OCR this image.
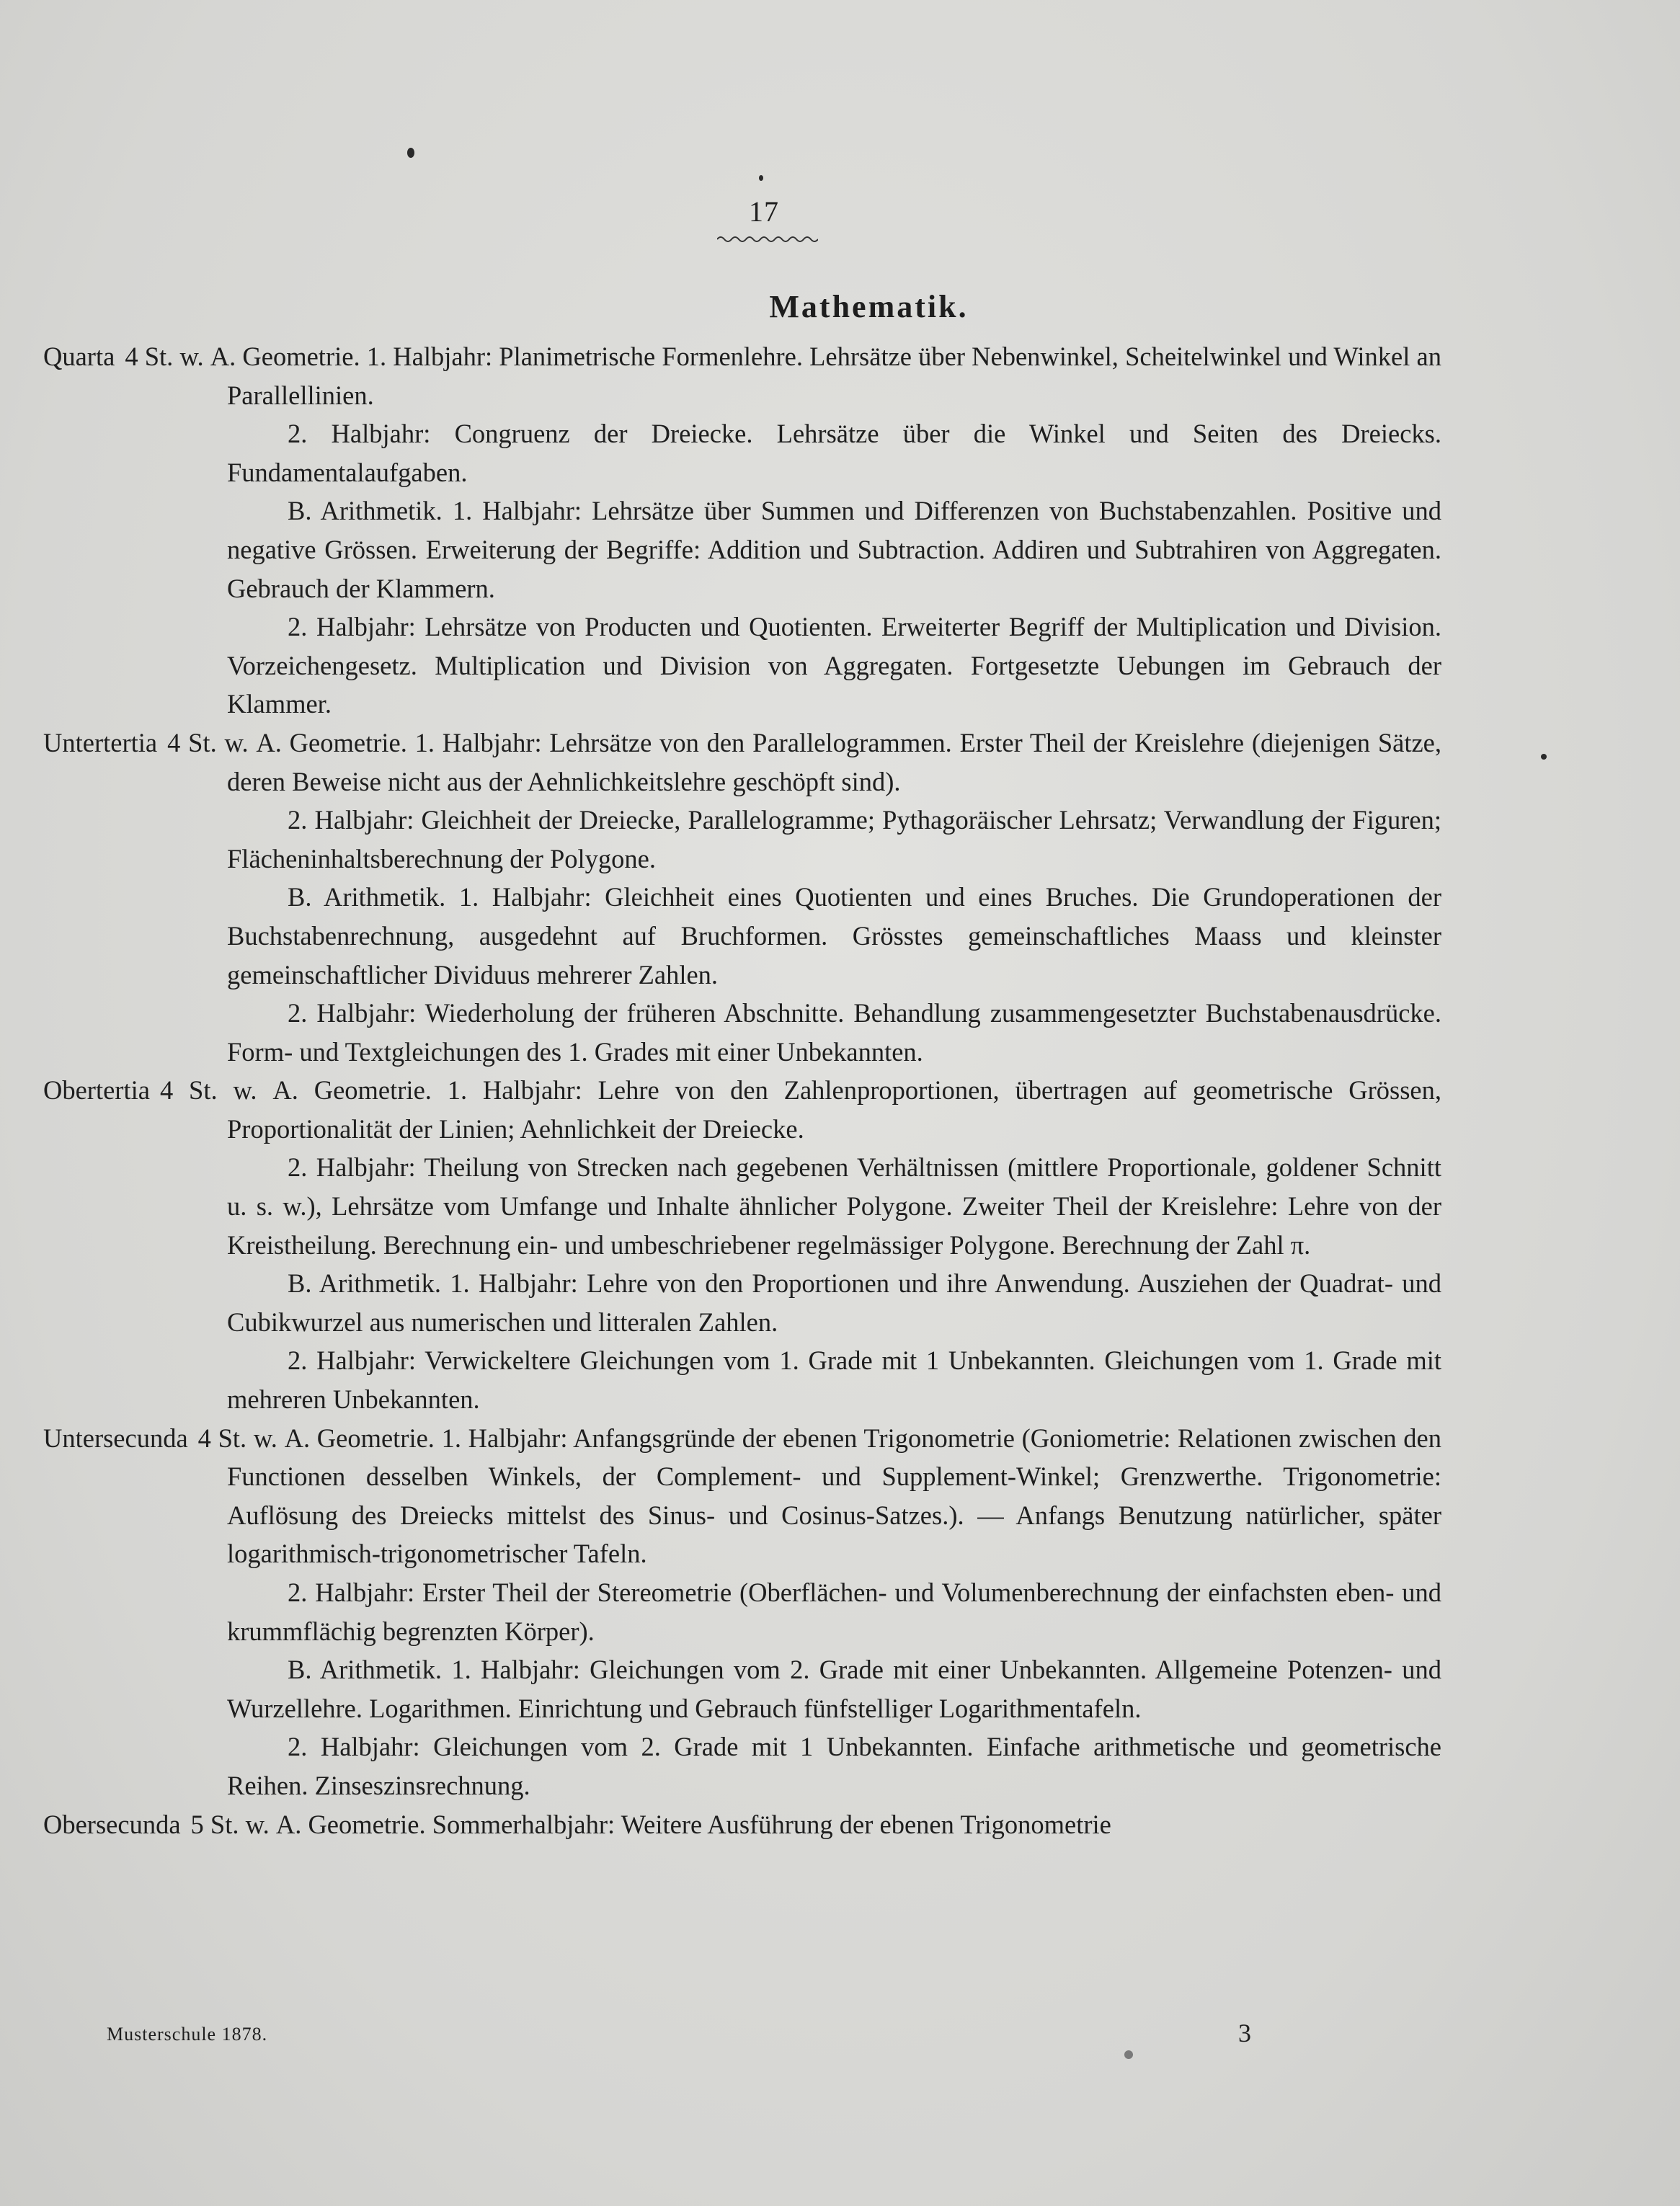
17
Mathematik.

Quarta 4 St. w. A. Geometrie. 1. Halbjahr: Planimetrische Formenlehre. Lehrsätze über Nebenwinkel, Scheitelwinkel und Winkel an Parallellinien.

2. Halbjahr: Congruenz der Dreiecke. Lehrsätze über die Winkel und Seiten des Dreiecks. Fundamentalaufgaben.

B. Arithmetik. 1. Halbjahr: Lehrsätze über Summen und Differenzen von Buchstabenzahlen. Positive und negative Grössen. Erweiterung der Begriffe: Addition und Subtraction. Addiren und Subtrahiren von Aggregaten. Gebrauch der Klammern.

2. Halbjahr: Lehrsätze von Producten und Quotienten. Erweiterter Begriff der Multiplication und Division. Vorzeichengesetz. Multiplication und Division von Aggregaten. Fortgesetzte Uebungen im Gebrauch der Klammer.

Untertertia 4 St. w. A. Geometrie. 1. Halbjahr: Lehrsätze von den Parallelogrammen. Erster Theil der Kreislehre (diejenigen Sätze, deren Beweise nicht aus der Aehnlichkeitslehre geschöpft sind).

2. Halbjahr: Gleichheit der Dreiecke, Parallelogramme; Pythagoräischer Lehrsatz; Verwandlung der Figuren; Flächeninhaltsberechnung der Polygone.

B. Arithmetik. 1. Halbjahr: Gleichheit eines Quotienten und eines Bruches. Die Grundoperationen der Buchstabenrechnung, ausgedehnt auf Bruchformen. Grösstes gemeinschaftliches Maass und kleinster gemeinschaftlicher Dividuus mehrerer Zahlen.

2. Halbjahr: Wiederholung der früheren Abschnitte. Behandlung zusammengesetzter Buchstabenausdrücke. Form- und Textgleichungen des 1. Grades mit einer Unbekannten.

Obertertia 4 St. w. A. Geometrie. 1. Halbjahr: Lehre von den Zahlenproportionen, übertragen auf geometrische Grössen, Proportionalität der Linien; Aehnlichkeit der Dreiecke.

2. Halbjahr: Theilung von Strecken nach gegebenen Verhältnissen (mittlere Proportionale, goldener Schnitt u. s. w.), Lehrsätze vom Umfange und Inhalte ähnlicher Polygone. Zweiter Theil der Kreislehre: Lehre von der Kreistheilung. Berechnung ein- und umbeschriebener regelmässiger Polygone. Berechnung der Zahl π.

B. Arithmetik. 1. Halbjahr: Lehre von den Proportionen und ihre Anwendung. Ausziehen der Quadrat- und Cubikwurzel aus numerischen und litteralen Zahlen.

2. Halbjahr: Verwickeltere Gleichungen vom 1. Grade mit 1 Unbekannten. Gleichungen vom 1. Grade mit mehreren Unbekannten.

Untersecunda 4 St. w. A. Geometrie. 1. Halbjahr: Anfangsgründe der ebenen Trigonometrie (Goniometrie: Relationen zwischen den Functionen desselben Winkels, der Complement- und Supplement-Winkel; Grenzwerthe. Trigonometrie: Auflösung des Dreiecks mittelst des Sinus- und Cosinus-Satzes.). — Anfangs Benutzung natürlicher, später logarithmisch-trigonometrischer Tafeln.

2. Halbjahr: Erster Theil der Stereometrie (Oberflächen- und Volumenberechnung der einfachsten eben- und krummflächig begrenzten Körper).

B. Arithmetik. 1. Halbjahr: Gleichungen vom 2. Grade mit einer Unbekannten. Allgemeine Potenzen- und Wurzellehre. Logarithmen. Einrichtung und Gebrauch fünfstelliger Logarithmentafeln.

2. Halbjahr: Gleichungen vom 2. Grade mit 1 Unbekannten. Einfache arithmetische und geometrische Reihen. Zinseszinsrechnung.

Obersecunda 5 St. w. A. Geometrie. Sommerhalbjahr: Weitere Ausführung der ebenen Trigonometrie

Musterschule 1878.	3
